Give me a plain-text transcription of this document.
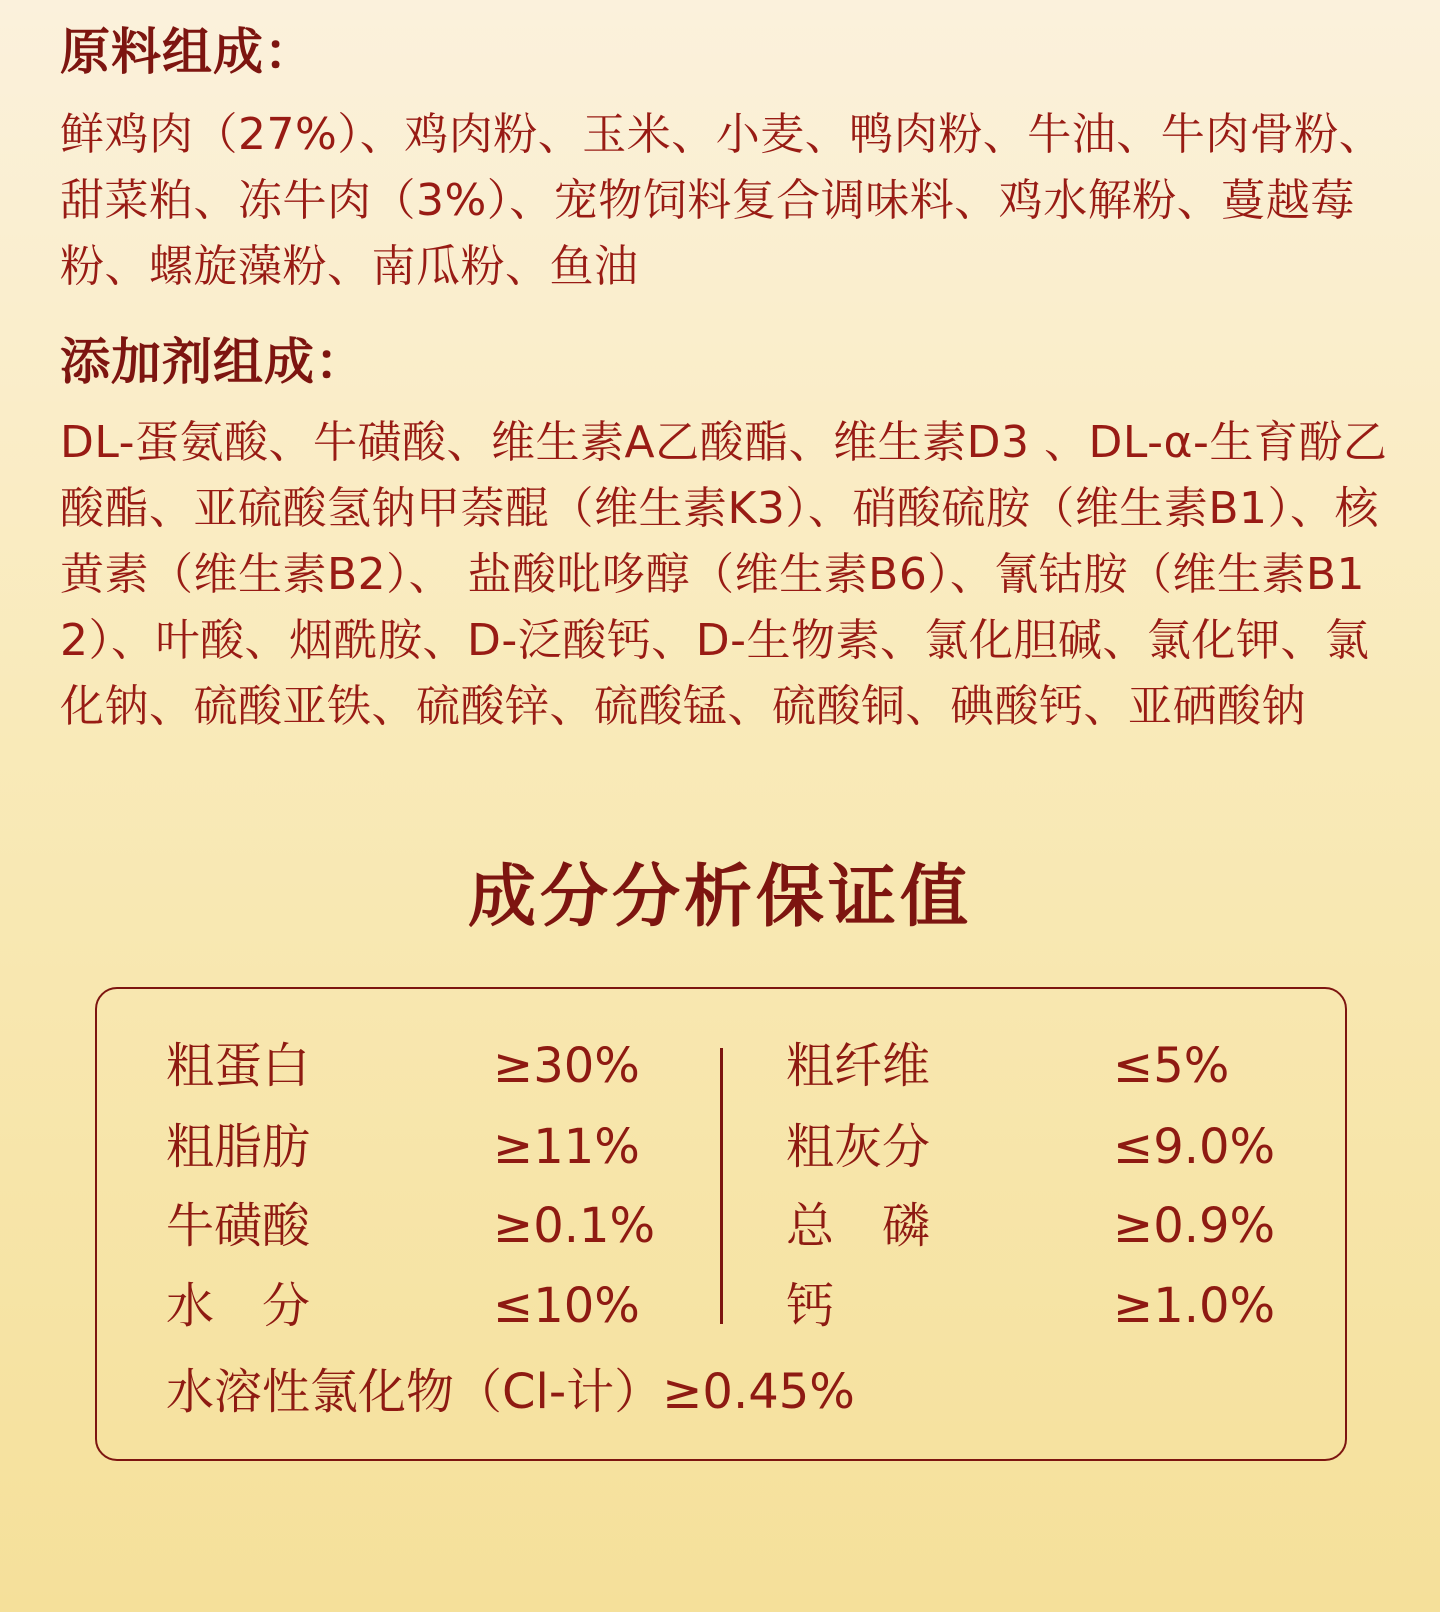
原料组成：

鲜鸡肉（27%）、鸡肉粉、玉米、小麦、鸭肉粉、牛油、牛肉骨粉、甜菜粕、冻牛肉（3%）、宠物饲料复合调味料、鸡水解粉、蔓越莓粉、螺旋藻粉、南瓜粉、鱼油

添加剂组成：

DL-蛋氨酸、牛磺酸、维生素A乙酸酯、维生素D3 、DL-α-生育酚乙酸酯、亚硫酸氢钠甲萘醌（维生素K3）、硝酸硫胺（维生素B1）、核黄素（维生素B2）、 盐酸吡哆醇（维生素B6）、氰钴胺（维生素B12）、叶酸、烟酰胺、D-泛酸钙、D-生物素、氯化胆碱、氯化钾、氯化钠、硫酸亚铁、硫酸锌、硫酸锰、硫酸铜、碘酸钙、亚硒酸钠

成分分析保证值
粗蛋白	≥30%
粗脂肪	≥11%
牛磺酸	≥0.1%
水　分	≤10%
粗纤维	≤5%
粗灰分	≤9.0%
总　磷	≥0.9%
钙	≥1.0%
水溶性氯化物（Cl-计）≥0.45%
